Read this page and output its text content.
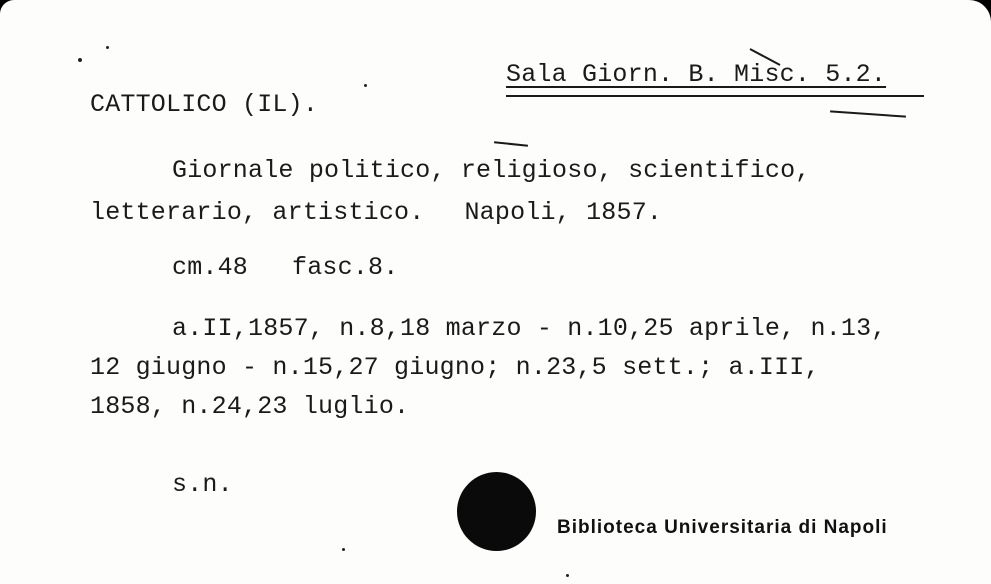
Sala Giorn. B. Misc. 5.2.
CATTOLICO (IL).
Giornale politico, religioso, scientifico,
letterario, artistico. Napoli, 1857.
cm.48 fasc.8.
a.II,1857, n.8,18 marzo - n.10,25 aprile, n.13,
12 giugno - n.15,27 giugno; n.23,5 sett.; a.III,
1858, n.24,23 luglio.
s.n.
Biblioteca Universitaria di Napoli
